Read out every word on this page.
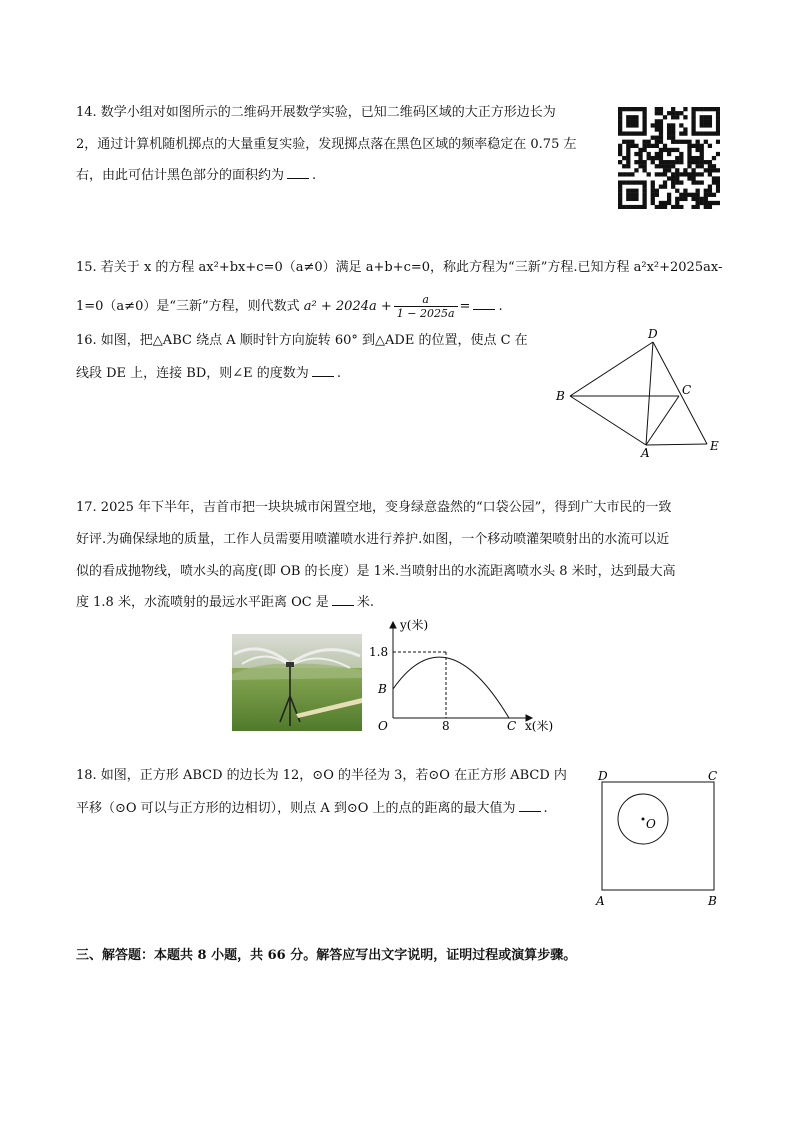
14. 数学小组对如图所示的二维码开展数学实验，已知二维码区域的大正方形边长为
2，通过计算机随机掷点的大量重复实验，发现掷点落在黑色区域的频率稳定在 0.75 左
右，由此可估计黑色部分的面积约为 .
15. 若关于 x 的方程 ax²+bx+c=0（a≠0）满足 a+b+c=0，称此方程为“三新”方程.已知方程 a²x²+2025ax-
1=0（a≠0）是“三新”方程，则代数式 $a^2 + 2024a + \frac{a}{1 - 2025a}$ = .
16. 如图，把△ABC 绕点 A 顺时针方向旋转 60° 到△ADE 的位置，使点 C 在
线段 DE 上，连接 BD，则∠E 的度数为 .
D
B	C
A	E
17. 2025 年下半年，吉首市把一块块城市闲置空地，变身绿意盎然的“口袋公园”，得到广大市民的一致
好评.为确保绿地的质量，工作人员需要用喷灌喷水进行养护.如图，一个移动喷灌架喷射出的水流可以近
似的看成抛物线，喷水头的高度(即 OB 的长度）是 1米.当喷射出的水流距离喷水头 8 米时，达到最大高
度 1.8 米，水流喷射的最远水平距离 OC 是 米.
y(米)
1.8
B
O	8	C x(米)
18. 如图，正方形 ABCD 的边长为 12，⊙O 的半径为 3，若⊙O 在正方形 ABCD 内
平移（⊙O 可以与正方形的边相切），则点 A 到⊙O 上的点的距离的最大值为 .
D	C
A	B
O
三、解答题：本题共 8 小题，共 66 分。解答应写出文字说明，证明过程或演算步骤。
